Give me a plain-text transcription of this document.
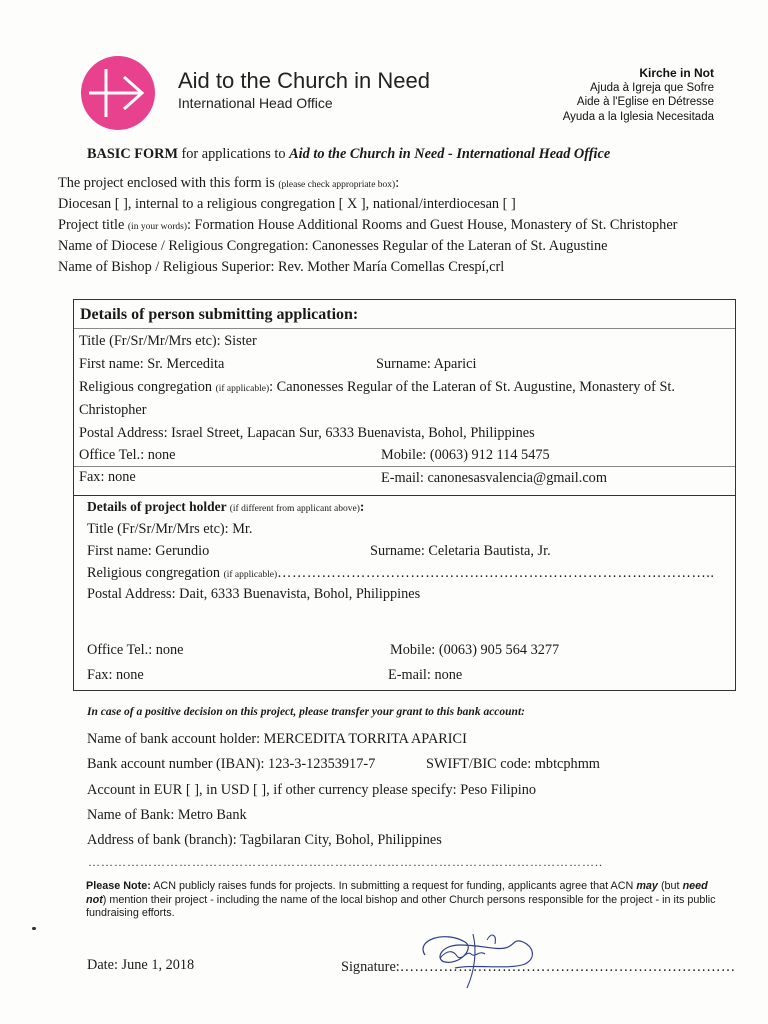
Aid to the Church in Need
International Head Office
Kirche in Not
Ajuda à Igreja que Sofre
Aide à l'Eglise en Détresse
Ayuda a la Iglesia Necesitada
BASIC FORM for applications to Aid to the Church in Need - International Head Office
The project enclosed with this form is (please check appropriate box):
Diocesan [ ], internal to a religious congregation [ X ], national/interdiocesan [ ]
Project title (in your words): Formation House Additional Rooms and Guest House, Monastery of St. Christopher
Name of Diocese / Religious Congregation: Canonesses Regular of the Lateran of St. Augustine
Name of Bishop / Religious Superior: Rev. Mother María Comellas Crespí,crl
Details of person submitting application:
Title (Fr/Sr/Mr/Mrs etc): Sister
First name: Sr. Mercedita	Surname: Aparici
Religious congregation (if applicable): Canonesses Regular of the Lateran of St. Augustine, Monastery of St.
Christopher
Postal Address: Israel Street, Lapacan Sur, 6333 Buenavista, Bohol, Philippines
Office Tel.: none	Mobile: (0063) 912 114 5475
Fax: none	E-mail: canonesasvalencia@gmail.com
Details of project holder (if different from applicant above):
Title (Fr/Sr/Mr/Mrs etc): Mr.
First name: Gerundio	Surname: Celetaria Bautista, Jr.
Religious congregation (if applicable)……………………………………………………………………………..
Postal Address: Dait, 6333 Buenavista, Bohol, Philippines
Office Tel.: none	Mobile: (0063) 905 564 3277
Fax: none	E-mail: none
In case of a positive decision on this project, please transfer your grant to this bank account:
Name of bank account holder: MERCEDITA TORRITA APARICI
Bank account number (IBAN): 123-3-12353917-7	SWIFT/BIC code: mbtcphmm
Account in EUR [ ], in USD [ ], if other currency please specify: Peso Filipino
Name of Bank: Metro Bank
Address of bank (branch): Tagbilaran City, Bohol, Philippines
………………………………………………………………………………………………………..
Please Note: ACN publicly raises funds for projects. In submitting a request for funding, applicants agree that ACN may (but need not) mention their project - including the name of the local bishop and other Church persons responsible for the project - in its public fundraising efforts.
Date: June 1, 2018	Signature:……………………………………………………………
